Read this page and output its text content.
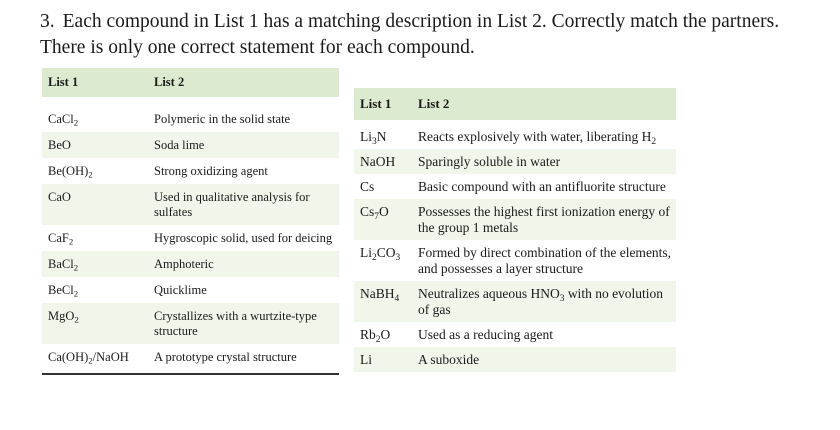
3. Each compound in List 1 has a matching description in List 2. Correctly match the partners.
There is only one correct statement for each compound.
List 1	List 2
CaCl$_2$	Polymeric in the solid state
BeO	Soda lime
$Be(OH)_2$	Strong oxidizing agent
CaO	Used in qualitative analysis for sulfates
CaF$_2$	Hygroscopic solid, used for deicing
BaCl$_2$	Amphoteric
BeCl$_2$	Quicklime
MgO$_2$	Crystallizes with a wurtzite-type structure
$Ca(OH)_2$/NaOH	A prototype crystal structure
List 1	List 2
$Li_3N$	Reacts explosively with water, liberating $H_2$
NaOH	Sparingly soluble in water
Cs	Basic compound with an antifluorite structure
$Cs_7O$	Possesses the highest first ionization energy of the group 1 metals
$Li_2CO_3$	Formed by direct combination of the elements, and possesses a layer structure
NaBH$_4$	Neutralizes aqueous $HNO_3$ with no evolution of gas
$Rb_2O$	Used as a reducing agent
Li	A suboxide
